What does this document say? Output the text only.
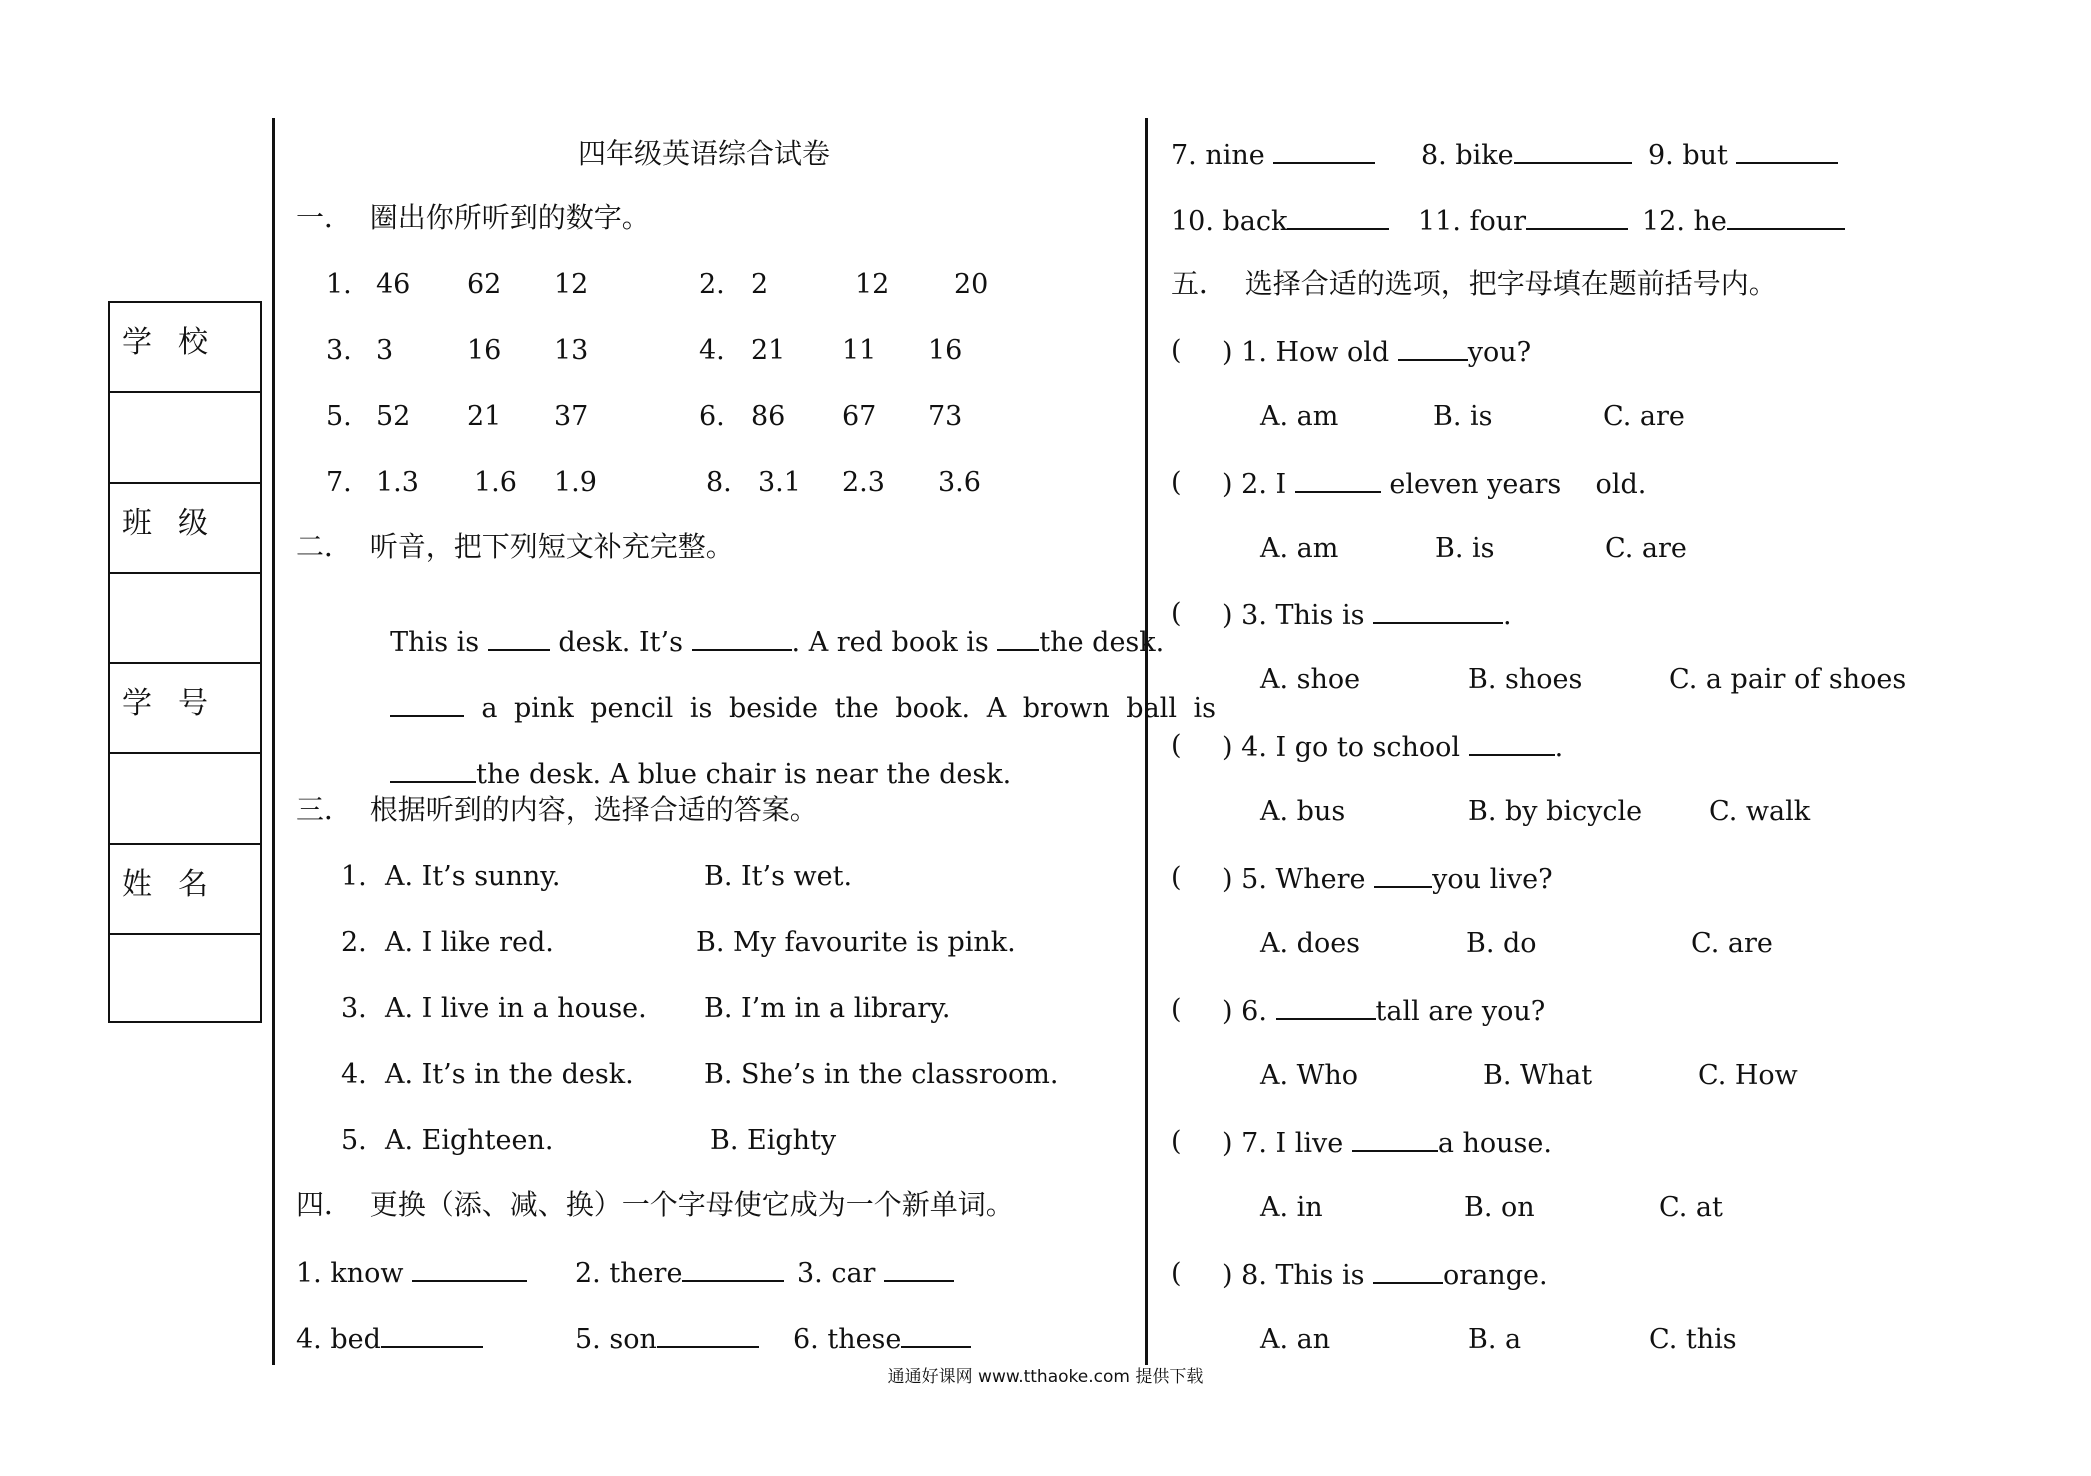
学校
班级
学号
姓名
四年级英语综合试卷
一．  圈出你所听到的数字。
1. 46 62 12	2. 2	12 20
3. 3	16 13	4. 21 11 16
5. 52 21 37	6. 86 67 73
7. 1.3 1.6 1.9	8. 3.1 2.3 3.6
二．  听音，把下列短文补充完整。

This is	desk. It’s	. A red book is the desk.

a pink pencil is beside the book. A brown ball is

the desk. A blue chair is near the desk.

三．  根据听到的内容，选择合适的答案。
1. A. It’s sunny.	B. It’s wet.
2. A. I like red.	B. My favourite is pink.
3. A. I live in a house. B. I’m in a library.
4. A. It’s in the desk.	B. She’s in the classroom.
5. A. Eighteen.	B. Eighty
四．  更换（添、减、换）一个字母使它成为一个新单词。
1. know	2. there	3. car
4. bed	5. son	6. these
7. nine	8. bike	9. but
10. back	11. four	12. he
五．  选择合适的选项，把字母填在题前括号内。
( ) 1. How old	you?
A. am	B. is	C. are
( ) 2. I	eleven years    old.
A. am	B. is	C. are
( ) 3. This is	.
A. shoe	B. shoes	C. a pair of shoes
( ) 4. I go to school	.
A. bus	B. by bicycle C. walk
( ) 5. Where you live?
A. does	B. do	C. are
( ) 6.	tall are you?
A. Who	B. What	C. How
( ) 7. I live	a house.
A. in	B. on	C. at
( ) 8. This is	orange.
A. an	B. a	C. this
通通好课网 www.tthaoke.com 提供下载
